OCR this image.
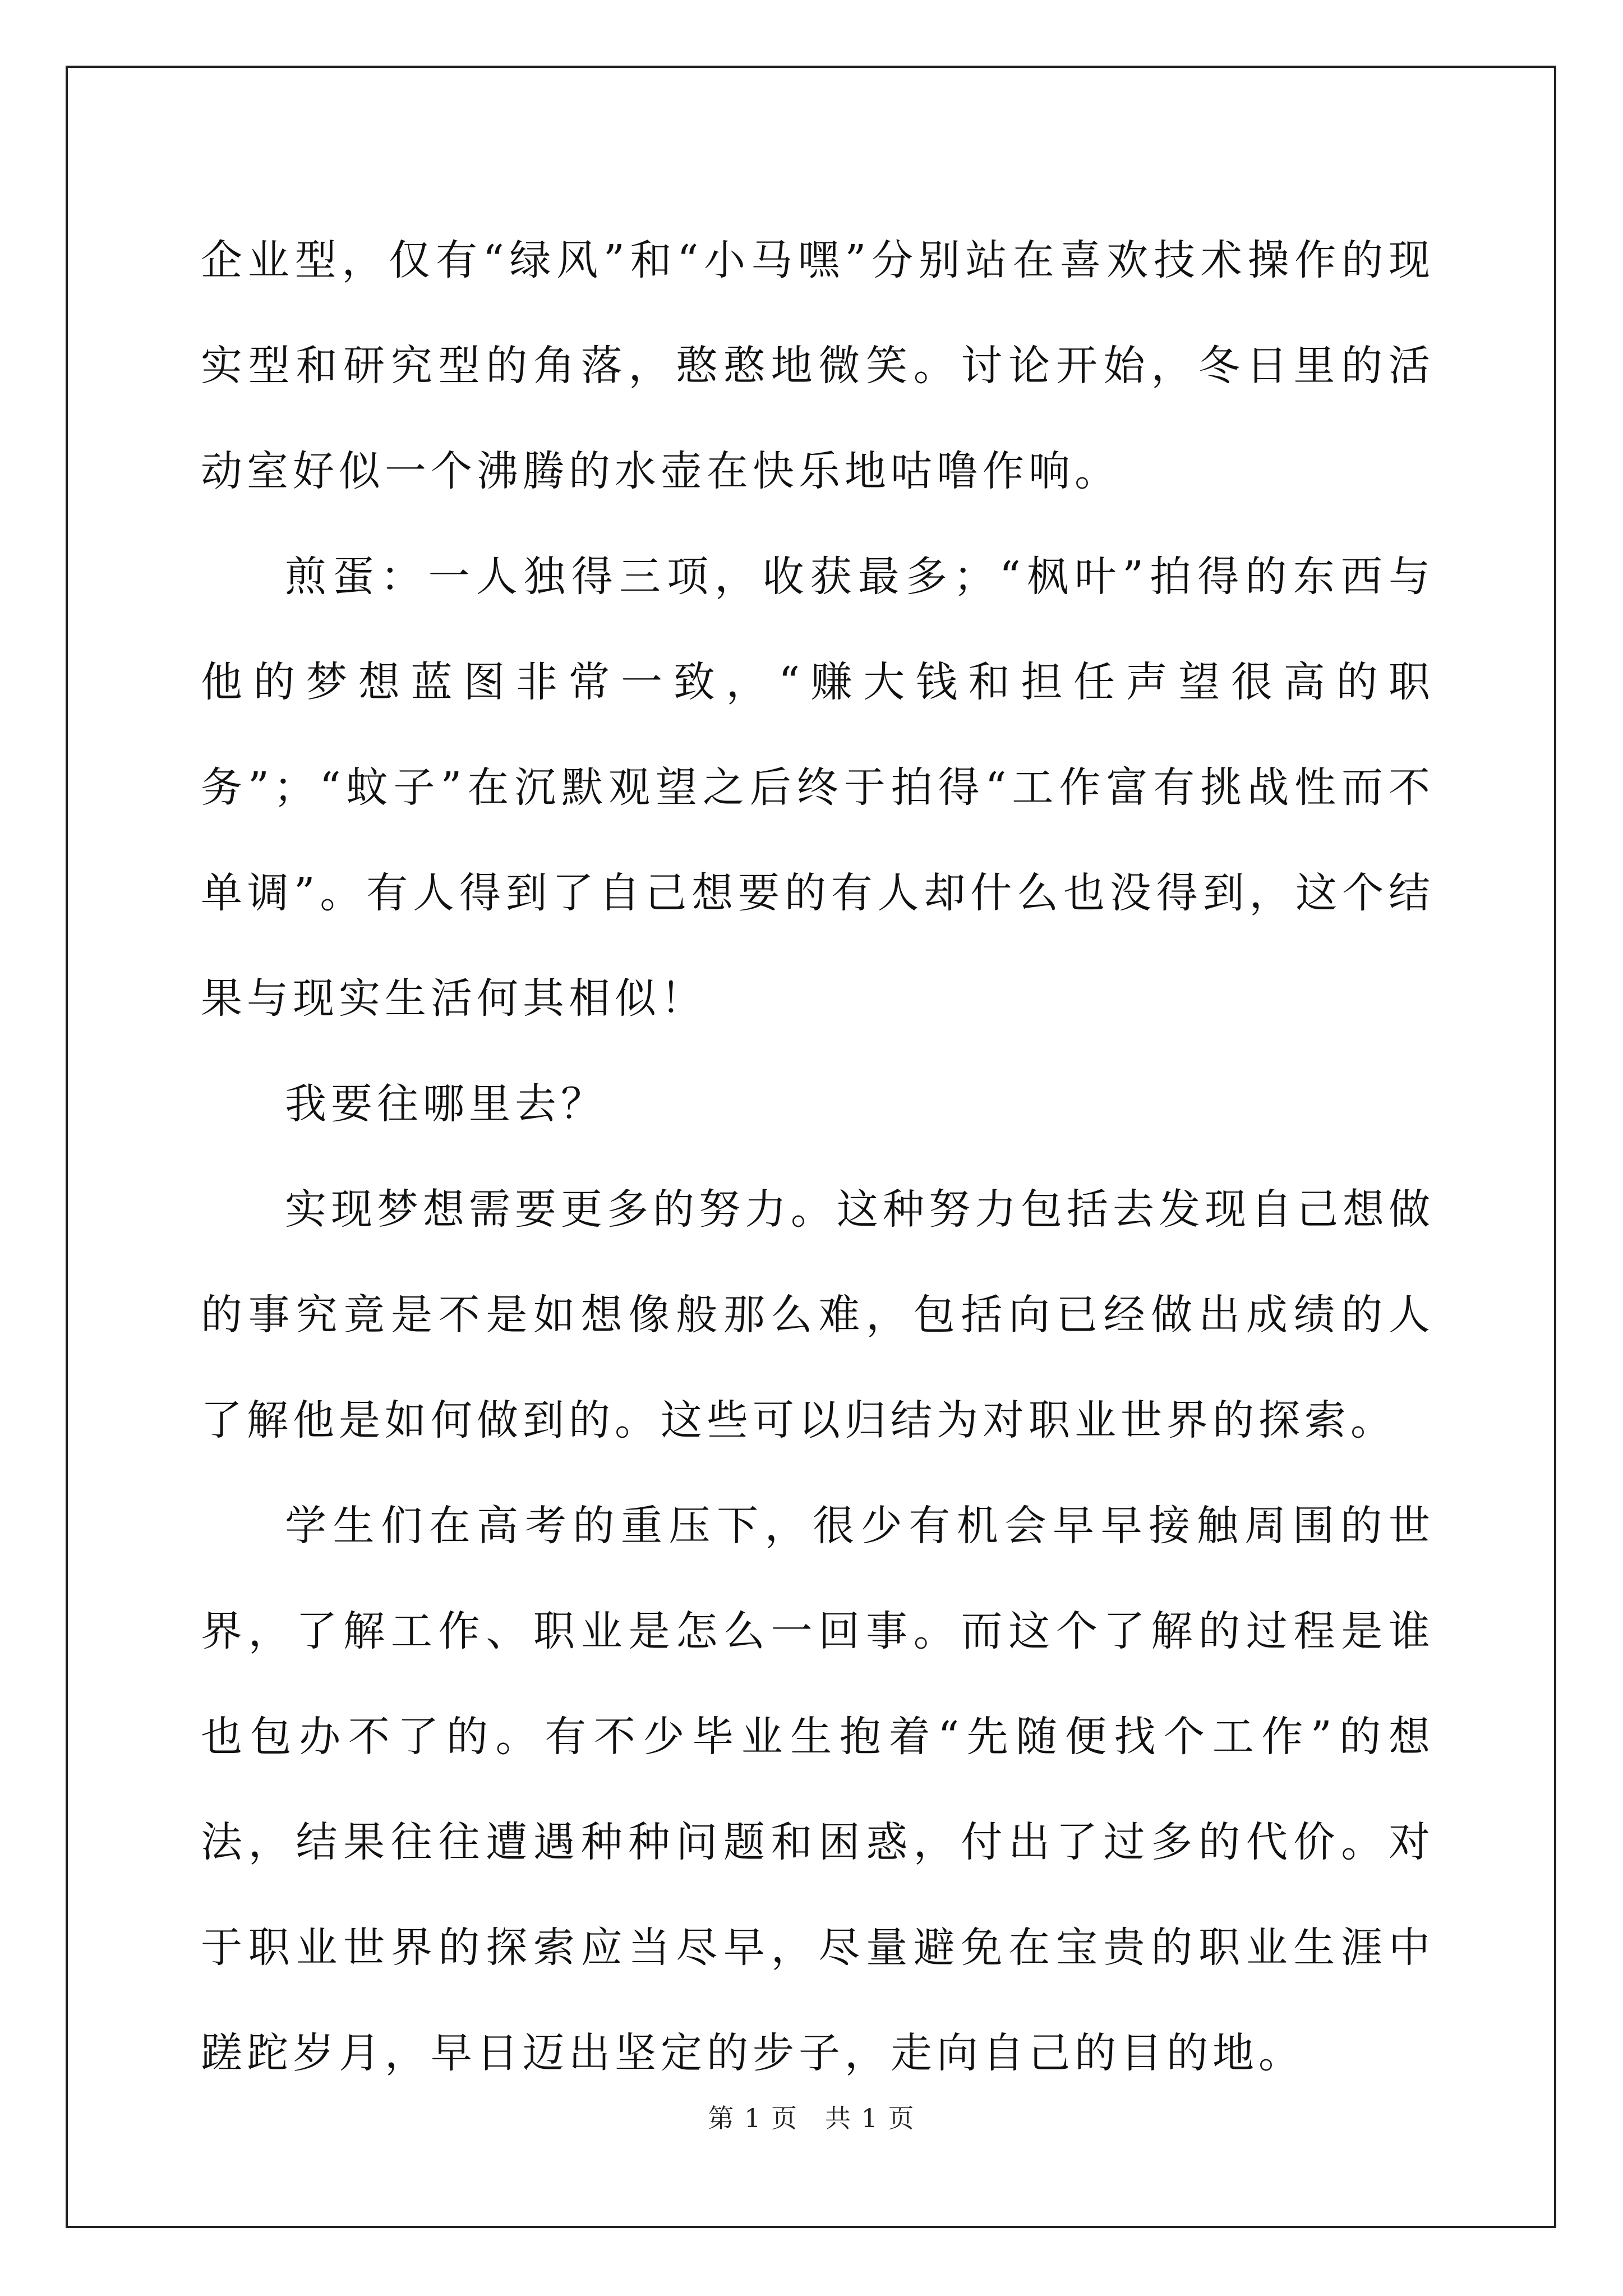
企业型，仅有“绿风”和“小马嘿”分别站在喜欢技术操作的现实型和研究型的角落，憨憨地微笑。讨论开始，冬日里的活动室好似一个沸腾的水壶在快乐地咕噜作响。

煎蛋：一人独得三项，收获最多；“枫叶”拍得的东西与他的梦想蓝图非常一致，“赚大钱和担任声望很高的职务”；“蚊子”在沉默观望之后终于拍得“工作富有挑战性而不单调”。有人得到了自己想要的有人却什么也没得到，这个结果与现实生活何其相似！

我要往哪里去？

实现梦想需要更多的努力。这种努力包括去发现自己想做的事究竟是不是如想像般那么难，包括向已经做出成绩的人了解他是如何做到的。这些可以归结为对职业世界的探索。

学生们在高考的重压下，很少有机会早早接触周围的世界，了解工作、职业是怎么一回事。而这个了解的过程是谁也包办不了的。有不少毕业生抱着“先随便找个工作”的想法，结果往往遭遇种种问题和困惑，付出了过多的代价。对于职业世界的探索应当尽早，尽量避免在宝贵的职业生涯中蹉跎岁月，早日迈出坚定的步子，走向自己的目的地。

第 1 页　共 1 页
